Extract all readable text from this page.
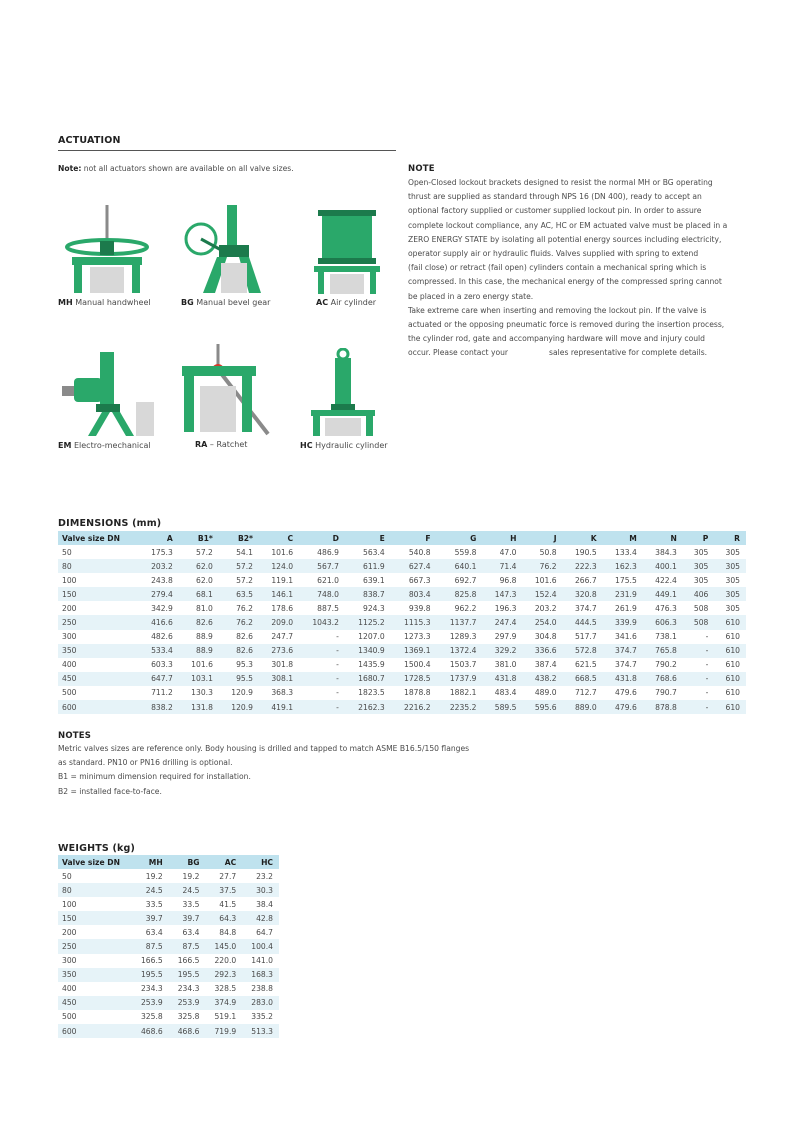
ACTUATION
Note: not all actuators shown are available on all valve sizes.
MH Manual handwheel	BG Manual bevel gear	AC Air cylinder
EM Electro-mechanical	RA – Ratchet	HC Hydraulic cylinder
NOTE
Open-Closed lockout brackets designed to resist the normal MH or BG operating
thrust are supplied as standard through NPS 16 (DN 400), ready to accept an
optional factory supplied or customer supplied lockout pin. In order to assure
complete lockout compliance, any AC, HC or EM actuated valve must be placed in a
ZERO ENERGY STATE by isolating all potential energy sources including electricity,
operator supply air or hydraulic fluids. Valves supplied with spring to extend
(fail close) or retract (fail open) cylinders contain a mechanical spring which is
compressed. In this case, the mechanical energy of the compressed spring cannot
be placed in a zero energy state.
Take extreme care when inserting and removing the lockout pin. If the valve is
actuated or the opposing pneumatic force is removed during the insertion process,
the cylinder rod, gate and accompanying hardware will move and injury could
occur. Please contact your                 sales representative for complete details.
DIMENSIONS (mm)
Valve size DN	A	B1*	B2*	C	D	E	F	G	H	J	K	M	N	P	R
50	175.3	57.2	54.1	101.6	486.9	563.4	540.8	559.8	47.0	50.8	190.5	133.4	384.3	305	305
80	203.2	62.0	57.2	124.0	567.7	611.9	627.4	640.1	71.4	76.2	222.3	162.3	400.1	305	305
100	243.8	62.0	57.2	119.1	621.0	639.1	667.3	692.7	96.8	101.6	266.7	175.5	422.4	305	305
150	279.4	68.1	63.5	146.1	748.0	838.7	803.4	825.8	147.3	152.4	320.8	231.9	449.1	406	305
200	342.9	81.0	76.2	178.6	887.5	924.3	939.8	962.2	196.3	203.2	374.7	261.9	476.3	508	305
250	416.6	82.6	76.2	209.0	1043.2	1125.2	1115.3	1137.7	247.4	254.0	444.5	339.9	606.3	508	610
300	482.6	88.9	82.6	247.7	-	1207.0	1273.3	1289.3	297.9	304.8	517.7	341.6	738.1	-	610
350	533.4	88.9	82.6	273.6	-	1340.9	1369.1	1372.4	329.2	336.6	572.8	374.7	765.8	-	610
400	603.3	101.6	95.3	301.8	-	1435.9	1500.4	1503.7	381.0	387.4	621.5	374.7	790.2	-	610
450	647.7	103.1	95.5	308.1	-	1680.7	1728.5	1737.9	431.8	438.2	668.5	431.8	768.6	-	610
500	711.2	130.3	120.9	368.3	-	1823.5	1878.8	1882.1	483.4	489.0	712.7	479.6	790.7	-	610
600	838.2	131.8	120.9	419.1	-	2162.3	2216.2	2235.2	589.5	595.6	889.0	479.6	878.8	-	610
NOTES
Metric valves sizes are reference only. Body housing is drilled and tapped to match ASME B16.5/150 flanges
as standard. PN10 or PN16 drilling is optional.
B1 = minimum dimension required for installation.
B2 = installed face-to-face.
WEIGHTS (kg)
Valve size DN	MH	BG	AC	HC
50	19.2	19.2	27.7	23.2
80	24.5	24.5	37.5	30.3
100	33.5	33.5	41.5	38.4
150	39.7	39.7	64.3	42.8
200	63.4	63.4	84.8	64.7
250	87.5	87.5	145.0	100.4
300	166.5	166.5	220.0	141.0
350	195.5	195.5	292.3	168.3
400	234.3	234.3	328.5	238.8
450	253.9	253.9	374.9	283.0
500	325.8	325.8	519.1	335.2
600	468.6	468.6	719.9	513.3
